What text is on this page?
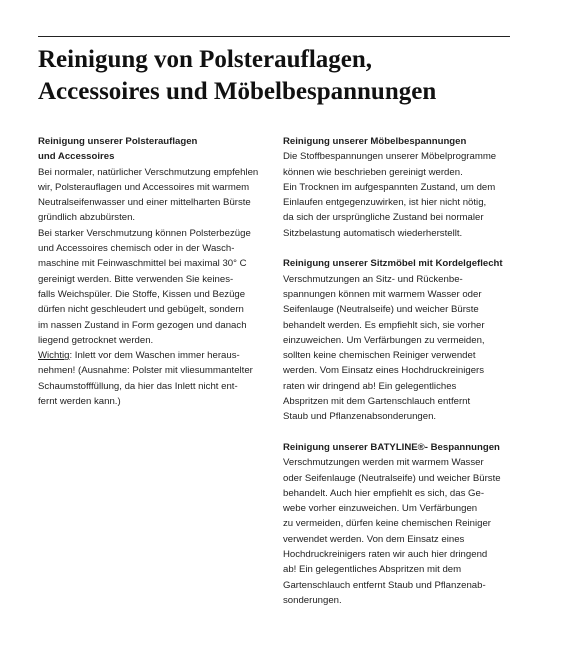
Reinigung von Polsterauflagen,
Accessoires und Möbelbespannungen
Reinigung unserer Polsterauflagen
und Accessoires
Bei normaler, natürlicher Verschmutzung empfehlen
wir, Polsterauflagen und Accessoires mit warmem
Neutralseifenwasser und einer mittelharten Bürste
gründlich abzubürsten.
Bei starker Verschmutzung können Polsterbezüge
und Accessoires chemisch oder in der Wasch-
maschine mit Feinwaschmittel bei maximal 30° C
gereinigt werden. Bitte verwenden Sie keines-
falls Weichspüler. Die Stoffe, Kissen und Bezüge
dürfen nicht geschleudert und gebügelt, sondern
im nassen Zustand in Form gezogen und danach
liegend getrocknet werden.
Wichtig: Inlett vor dem Waschen immer heraus-
nehmen! (Ausnahme: Polster mit vliesummantelter
Schaumstofffüllung, da hier das Inlett nicht ent-
fernt werden kann.)
Reinigung unserer Möbelbespannungen
Die Stoffbespannungen unserer Möbelprogramme
können wie beschrieben gereinigt werden.
Ein Trocknen im aufgespannten Zustand, um dem
Einlaufen entgegenzuwirken, ist hier nicht nötig,
da sich der ursprüngliche Zustand bei normaler
Sitzbelastung automatisch wiederherstellt.
Reinigung unserer Sitzmöbel mit Kordelgeflecht
Verschmutzungen an Sitz- und Rückenbe-
spannungen können mit warmem Wasser oder
Seifenlauge (Neutralseife) und weicher Bürste
behandelt werden. Es empfiehlt sich, sie vorher
einzuweichen. Um Verfärbungen zu vermeiden,
sollten keine chemischen Reiniger verwendet
werden. Vom Einsatz eines Hochdruckreinigers
raten wir dringend ab! Ein gelegentliches
Abspritzen mit dem Gartenschlauch entfernt
Staub und Pflanzenabsonderungen.
Reinigung unserer BATYLINE®- Bespannungen
Verschmutzungen werden mit warmem Wasser
oder Seifenlauge (Neutralseife) und weicher Bürste
behandelt. Auch hier empfiehlt es sich, das Ge-
webe vorher einzuweichen. Um Verfärbungen
zu vermeiden, dürfen keine chemischen Reiniger
verwendet werden. Von dem Einsatz eines
Hochdruckreinigers raten wir auch hier dringend
ab! Ein gelegentliches Abspritzen mit dem
Gartenschlauch entfernt Staub und Pflanzenab-
sonderungen.
